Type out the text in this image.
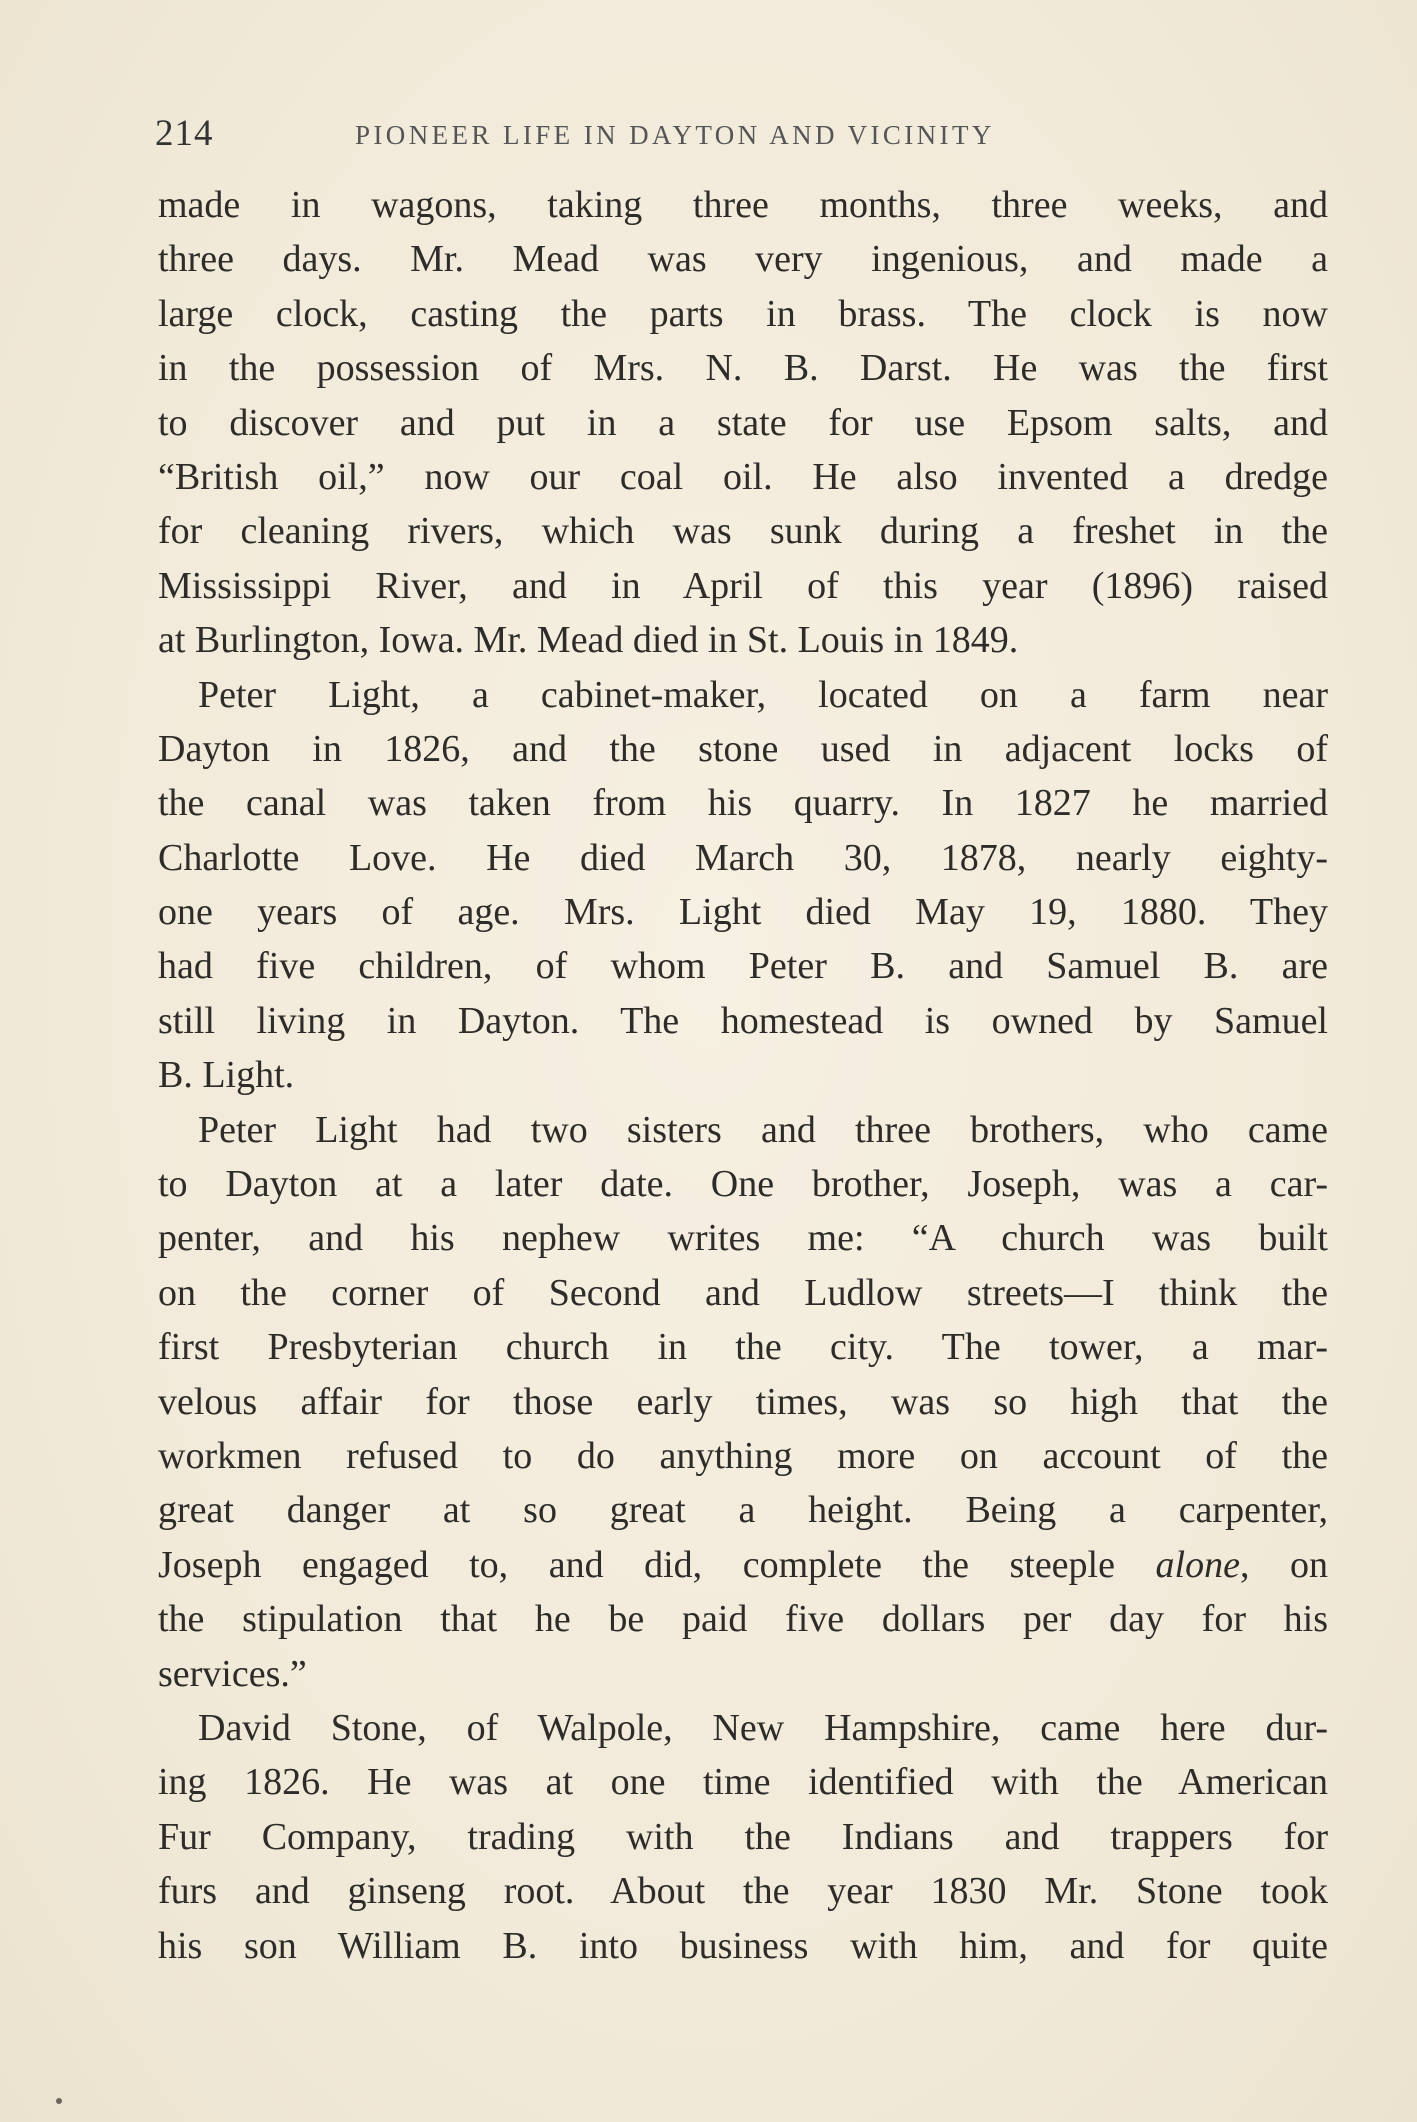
214	PIONEER LIFE IN DAYTON AND VICINITY
made in wagons, taking three months, three weeks, and
three days. Mr. Mead was very ingenious, and made a
large clock, casting the parts in brass. The clock is now
in the possession of Mrs. N. B. Darst. He was the first
to discover and put in a state for use Epsom salts, and
“British oil,” now our coal oil. He also invented a dredge
for cleaning rivers, which was sunk during a freshet in the
Mississippi River, and in April of this year (1896) raised
at Burlington, Iowa. Mr. Mead died in St. Louis in 1849.
Peter Light, a cabinet-maker, located on a farm near
Dayton in 1826, and the stone used in adjacent locks of
the canal was taken from his quarry. In 1827 he married
Charlotte Love. He died March 30, 1878, nearly eighty-
one years of age. Mrs. Light died May 19, 1880. They
had five children, of whom Peter B. and Samuel B. are
still living in Dayton. The homestead is owned by Samuel
B. Light.
Peter Light had two sisters and three brothers, who came
to Dayton at a later date. One brother, Joseph, was a car-
penter, and his nephew writes me: “A church was built
on the corner of Second and Ludlow streets—I think the
first Presbyterian church in the city. The tower, a mar-
velous affair for those early times, was so high that the
workmen refused to do anything more on account of the
great danger at so great a height. Being a carpenter,
Joseph engaged to, and did, complete the steeple alone, on
the stipulation that he be paid five dollars per day for his
services.”
David Stone, of Walpole, New Hampshire, came here dur-
ing 1826. He was at one time identified with the American
Fur Company, trading with the Indians and trappers for
furs and ginseng root. About the year 1830 Mr. Stone took
his son William B. into business with him, and for quite
